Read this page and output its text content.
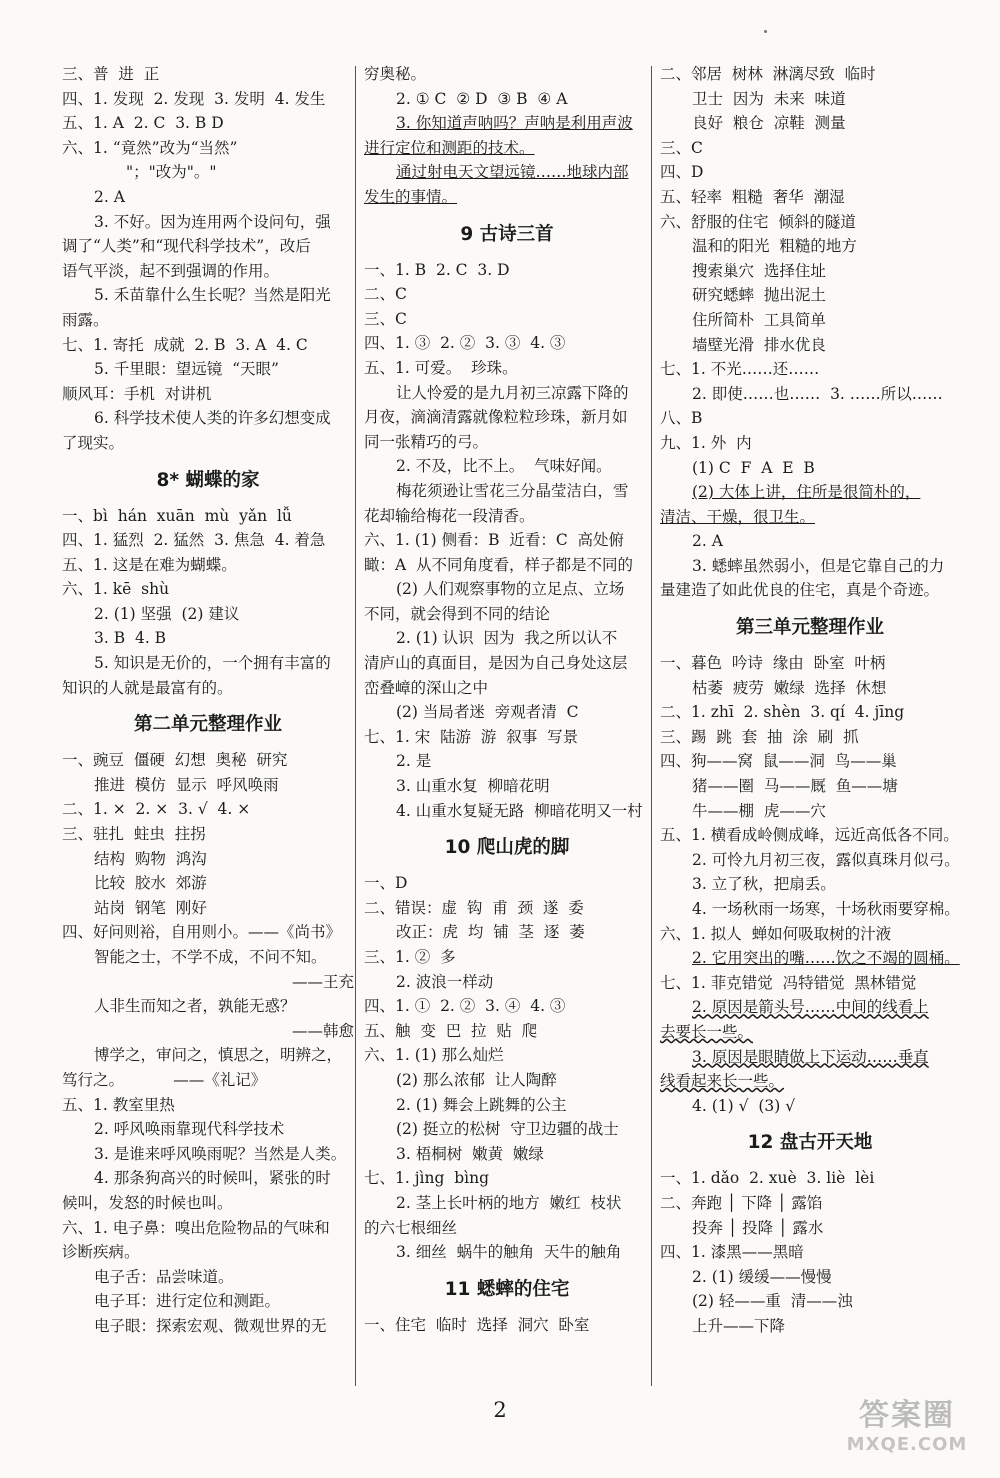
三、普  进  正
四、1. 发现  2. 发现  3. 发明  4. 发生
五、1. A  2. C  3. B D
六、1. “竟然”改为“当然”
"；"改为"。"
2. A
3. 不好。因为连用两个设问句，强
调了“人类”和“现代科学技术”，改后
语气平淡，起不到强调的作用。
5. 禾苗靠什么生长呢？当然是阳光
雨露。
七、1. 寄托  成就  2. B  3. A  4. C
5. 千里眼：望远镜  “天眼”
顺风耳：手机  对讲机
6. 科学技术使人类的许多幻想变成
了现实。
8* 蝴蝶的家
一、bì  hán  xuān  mù  yǎn  lǚ
四、1. 猛烈  2. 猛然  3. 焦急  4. 着急
五、1. 这是在难为蝴蝶。
六、1. kē  shù
2. (1) 坚强  (2) 建议
3. B  4. B
5. 知识是无价的，一个拥有丰富的
知识的人就是最富有的。
第二单元整理作业
一、豌豆  僵硬  幻想  奥秘  研究
推进  模仿  显示  呼风唤雨
二、1. ×  2. ×  3. √  4. ×
三、驻扎  蛀虫  拄拐
结构  购物  鸿沟
比较  胶水  郊游
站岗  钢笔  刚好
四、好问则裕，自用则小。——《尚书》
智能之士，不学不成，不问不知。
——王充
人非生而知之者，孰能无惑？
——韩愈
博学之，审问之，慎思之，明辨之，
笃行之。          ——《礼记》
五、1. 教室里热
2. 呼风唤雨靠现代科学技术
3. 是谁来呼风唤雨呢？当然是人类。
4. 那条狗高兴的时候叫，紧张的时
候叫，发怒的时候也叫。
六、1. 电子鼻：嗅出危险物品的气味和
诊断疾病。
电子舌：品尝味道。
电子耳：进行定位和测距。
电子眼：探索宏观、微观世界的无
穷奥秘。
2. ① C  ② D  ③ B  ④ A
3. 你知道声呐吗？声呐是利用声波
进行定位和测距的技术。
通过射电天文望远镜……地球内部
发生的事情。
9 古诗三首
一、1. B  2. C  3. D
二、C
三、C
四、1. ③  2. ②  3. ③  4. ③
五、1. 可爱。  珍珠。
让人怜爱的是九月初三凉露下降的
月夜，滴滴清露就像粒粒珍珠，新月如
同一张精巧的弓。
2. 不及，比不上。  气味好闻。
梅花须逊让雪花三分晶莹洁白，雪
花却输给梅花一段清香。
六、1. (1) 侧看：B  近看：C  高处俯
瞰：A  从不同角度看，样子都是不同的
(2) 人们观察事物的立足点、立场
不同，就会得到不同的结论
2. (1) 认识  因为  我之所以认不
清庐山的真面目，是因为自己身处这层
峦叠嶂的深山之中
(2) 当局者迷  旁观者清  C
七、1. 宋  陆游  游  叙事  写景
2. 是
3. 山重水复  柳暗花明
4. 山重水复疑无路  柳暗花明又一村
10 爬山虎的脚
一、D
二、错误：虚  钩  甫  颈  遂  委
改正：虎  均  铺  茎  逐  萎
三、1. ②  多
2. 波浪一样动
四、1. ①  2. ②  3. ④  4. ③
五、触  变  巴  拉  贴  爬
六、1. (1) 那么灿烂
(2) 那么浓郁  让人陶醉
2. (1) 舞会上跳舞的公主
(2) 挺立的松树  守卫边疆的战士
3. 梧桐树  嫩黄  嫩绿
七、1. jìng  bìng
2. 茎上长叶柄的地方  嫩红  枝状
的六七根细丝
3. 细丝  蜗牛的触角  天牛的触角
11 蟋蟀的住宅
一、住宅  临时  选择  洞穴  卧室
二、邻居  树林  淋漓尽致  临时
卫士  因为  未来  味道
良好  粮仓  凉鞋  测量
三、C
四、D
五、轻率  粗糙  奢华  潮湿
六、舒服的住宅  倾斜的隧道
温和的阳光  粗糙的地方
搜索巢穴  选择住址
研究蟋蟀  抛出泥土
住所简朴  工具简单
墙壁光滑  排水优良
七、1. 不光……还……
2. 即使……也……  3. ……所以……
八、B
九、1. 外  内
(1) C  F  A  E  B
(2) 大体上讲，住所是很简朴的，
清洁、干燥，很卫生。
2. A
3. 蟋蟀虽然弱小，但是它靠自己的力
量建造了如此优良的住宅，真是个奇迹。
第三单元整理作业
一、暮色  吟诗  缘由  卧室  叶柄
枯萎  疲劳  嫩绿  选择  休想
二、1. zhī  2. shèn  3. qí  4. jīng
三、踢  跳  套  抽  涂  刷  抓
四、狗——窝  鼠——洞  鸟——巢
猪——圈  马——厩  鱼——塘
牛——棚  虎——穴
五、1. 横看成岭侧成峰，远近高低各不同。
2. 可怜九月初三夜，露似真珠月似弓。
3. 立了秋，把扇丢。
4. 一场秋雨一场寒，十场秋雨要穿棉。
六、1. 拟人  蝉如何吸取树的汁液
2. 它用突出的嘴……饮之不竭的圆桶。
七、1. 菲克错觉  冯特错觉  黑林错觉
2. 原因是箭头号……中间的线看上
去要长一些。
3. 原因是眼睛做上下运动……垂直
线看起来长一些。
4. (1) √  (3) √
12 盘古开天地
一、1. dǎo  2. xuè  3. liè  lèi
二、奔跑 │ 下降 │ 露馅
投奔 │ 投降 │ 露水
四、1. 漆黑——黑暗
2. (1) 缓缓——慢慢
(2) 轻——重  清——浊
上升——下降
2	答案圈
MXQE.COM
